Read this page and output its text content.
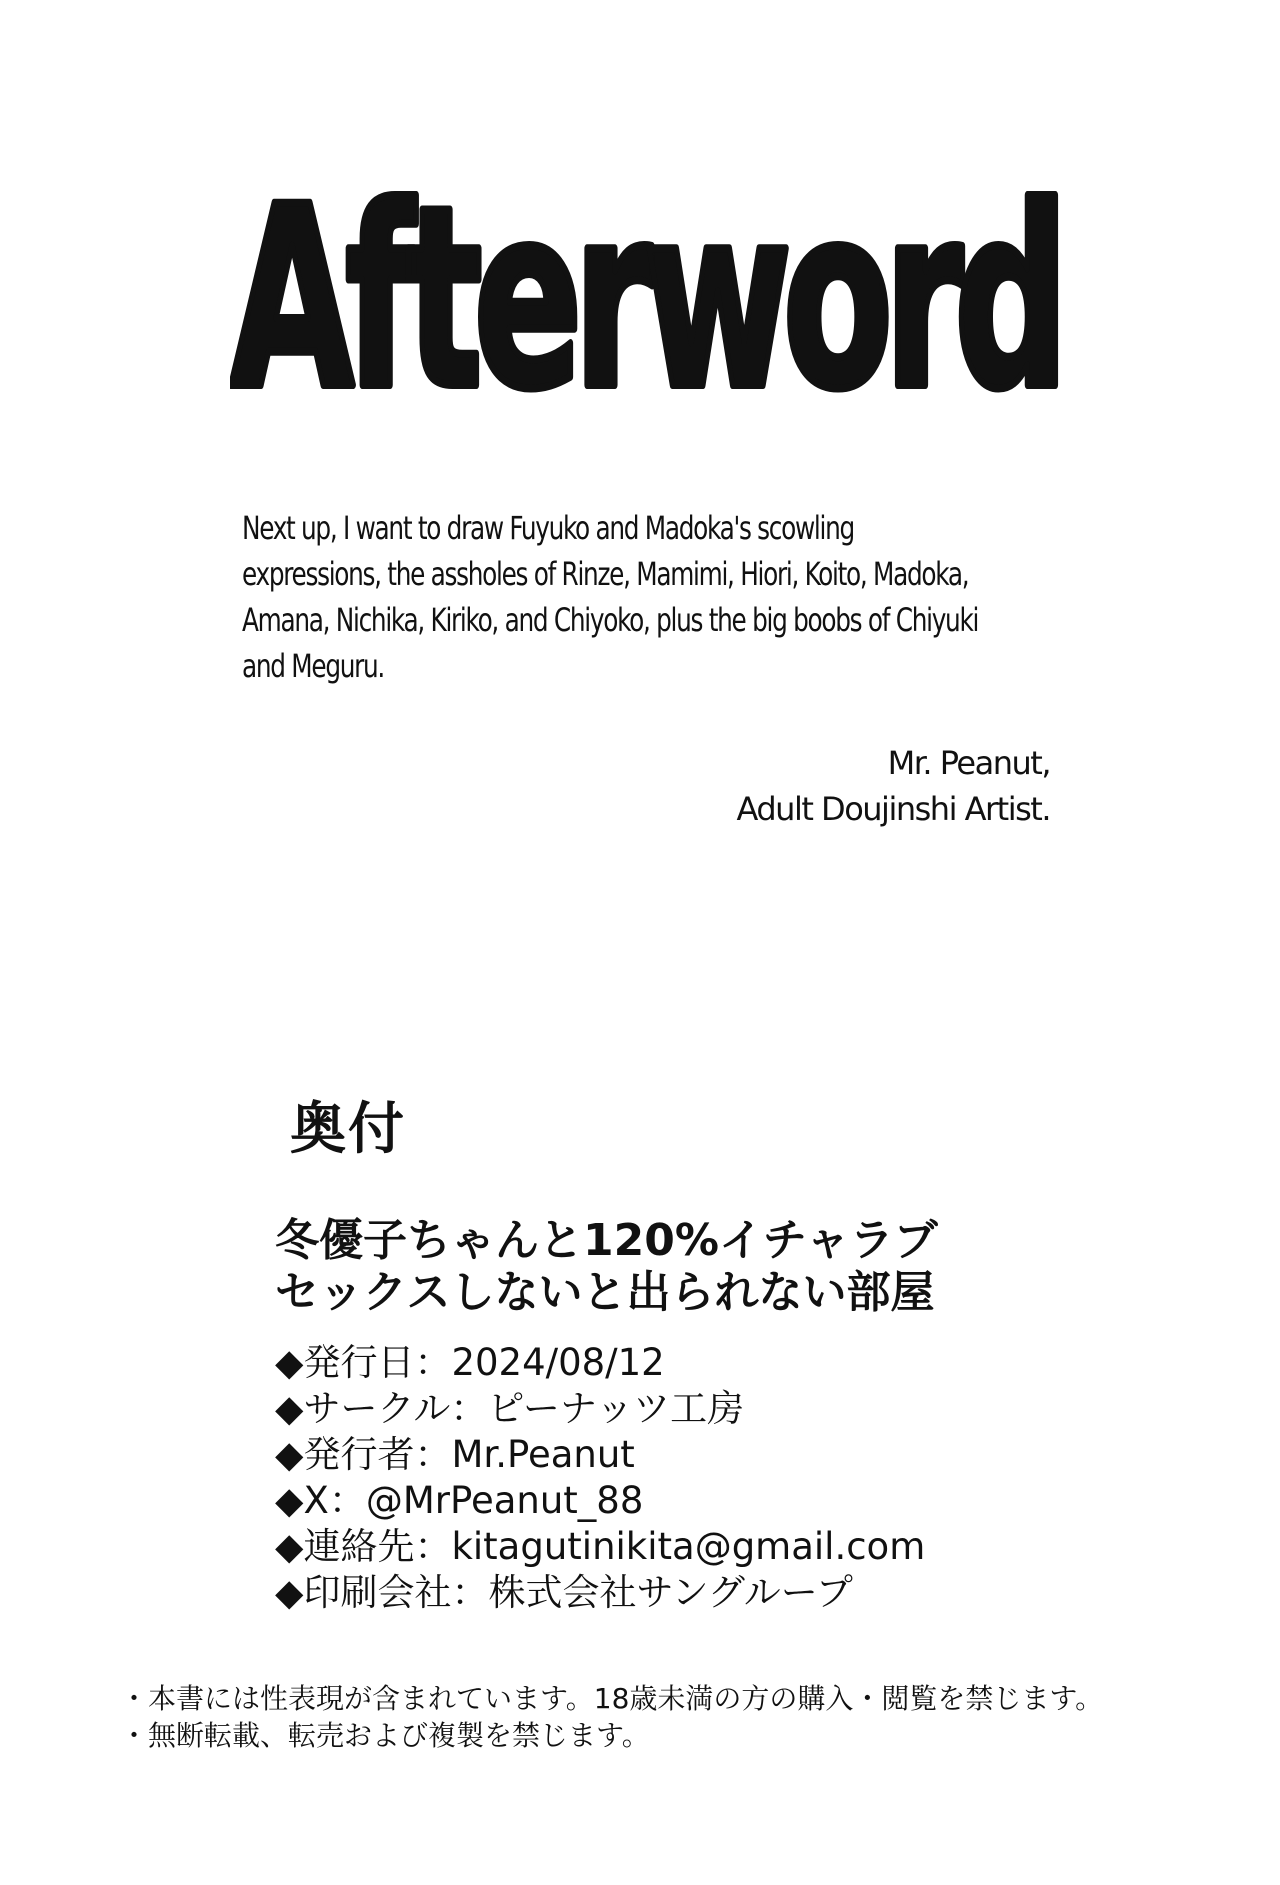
Afterword
Next up, I want to draw Fuyuko and Madoka's scowling
expressions, the assholes of Rinze, Mamimi, Hiori, Koito, Madoka,
Amana, Nichika, Kiriko, and Chiyoko, plus the big boobs of Chiyuki
and Meguru.
Mr. Peanut,
Adult Doujinshi Artist.
奥付
冬優子ちゃんと120%イチャラブ
セックスしないと出られない部屋
◆発行日：2024/08/12
◆サークル：ピーナッツ工房
◆発行者：Mr.Peanut
◆X：@MrPeanut_88
◆連絡先：kitagutinikita@gmail.com
◆印刷会社：株式会社サングループ
・本書には性表現が含まれています。18歳未満の方の購入・閲覧を禁じます。
・無断転載、転売および複製を禁じます。
